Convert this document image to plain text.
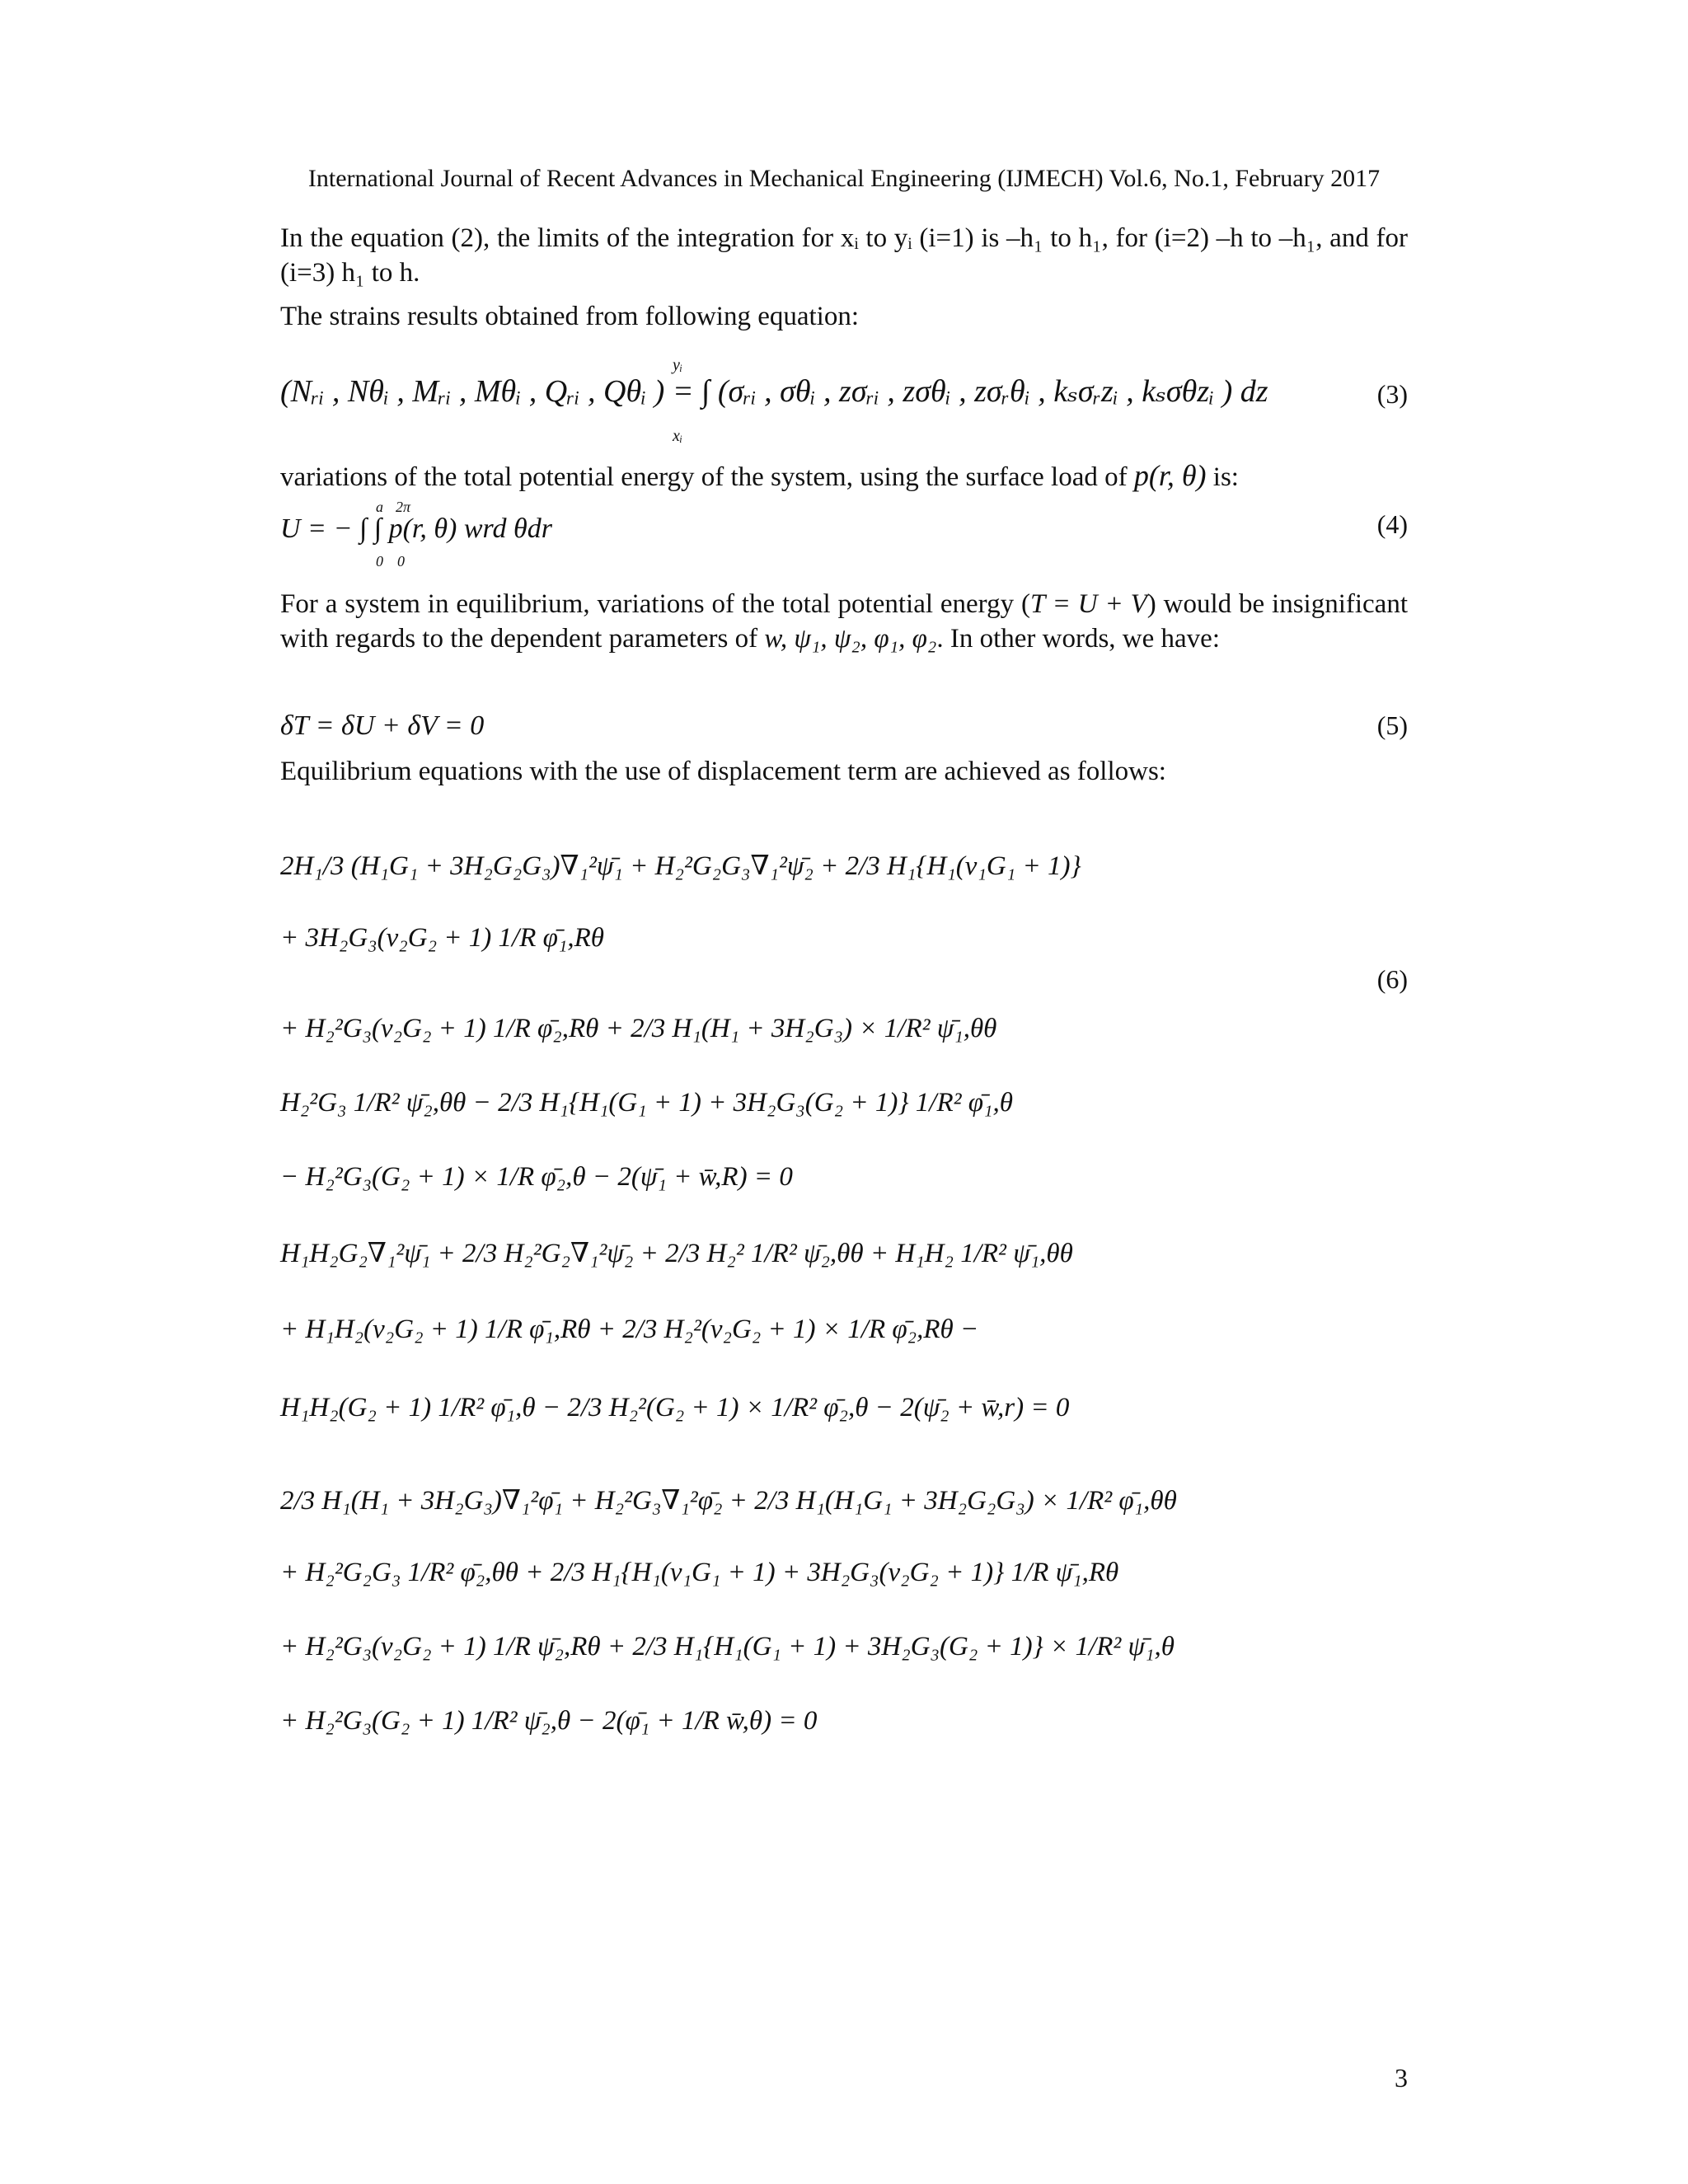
International Journal of Recent Advances in Mechanical Engineering (IJMECH) Vol.6, No.1, February 2017
In the equation (2), the limits of the integration for xᵢ to yᵢ (i=1) is –h₁ to h₁, for (i=2) –h to –h₁, and for (i=3) h₁ to h.
The strains results obtained from following equation:
yᵢ
xᵢ
(Nᵣᵢ , Nθᵢ , Mᵣᵢ , Mθᵢ , Qᵣᵢ , Qθᵢ ) = ∫ (σᵣᵢ , σθᵢ , zσᵣᵢ , zσθᵢ , zσᵣθᵢ , kₛσᵣzᵢ , kₛσθzᵢ ) dz	(3)
variations of the total potential energy of the system, using the surface load of p(r, θ) is:
a
0
2π
0
U = − ∫ ∫ p(r, θ) wrd θdr	(4)
For a system in equilibrium, variations of the total potential energy (T = U + V) would be insignificant with regards to the dependent parameters of w, ψ₁, ψ₂, φ₁, φ₂. In other words, we have:
δT = δU + δV = 0	(5)
Equilibrium equations with the use of displacement term are achieved as follows:
2H₁/3 (H₁G₁ + 3H₂G₂G₃)∇₁²ψ̄₁ + H₂²G₂G₃∇₁²ψ̄₂ + 2/3 H₁{H₁(ν₁G₁ + 1)}
+ 3H₂G₃(ν₂G₂ + 1) 1/R φ̄₁,Rθ
+ H₂²G₃(ν₂G₂ + 1) 1/R φ̄₂,Rθ + 2/3 H₁(H₁ + 3H₂G₃) × 1/R² ψ̄₁,θθ
H₂²G₃ 1/R² ψ̄₂,θθ − 2/3 H₁{H₁(G₁ + 1) + 3H₂G₃(G₂ + 1)} 1/R² φ̄₁,θ
− H₂²G₃(G₂ + 1) × 1/R φ̄₂,θ − 2(ψ̄₁ + w̄,R) = 0
H₁H₂G₂∇₁²ψ̄₁ + 2/3 H₂²G₂∇₁²ψ̄₂ + 2/3 H₂² 1/R² ψ̄₂,θθ + H₁H₂ 1/R² ψ̄₁,θθ
+ H₁H₂(ν₂G₂ + 1) 1/R φ̄₁,Rθ + 2/3 H₂²(ν₂G₂ + 1) × 1/R φ̄₂,Rθ −
H₁H₂(G₂ + 1) 1/R² φ̄₁,θ − 2/3 H₂²(G₂ + 1) × 1/R² φ̄₂,θ − 2(ψ̄₂ + w̄,r) = 0
2/3 H₁(H₁ + 3H₂G₃)∇₁²φ̄₁ + H₂²G₃∇₁²φ̄₂ + 2/3 H₁(H₁G₁ + 3H₂G₂G₃) × 1/R² φ̄₁,θθ
+ H₂²G₂G₃ 1/R² φ̄₂,θθ + 2/3 H₁{H₁(ν₁G₁ + 1) + 3H₂G₃(ν₂G₂ + 1)} 1/R ψ̄₁,Rθ
+ H₂²G₃(ν₂G₂ + 1) 1/R ψ̄₂,Rθ + 2/3 H₁{H₁(G₁ + 1) + 3H₂G₃(G₂ + 1)} × 1/R² ψ̄₁,θ
+ H₂²G₃(G₂ + 1) 1/R² ψ̄₂,θ − 2(φ̄₁ + 1/R w̄,θ) = 0
(6)
3
